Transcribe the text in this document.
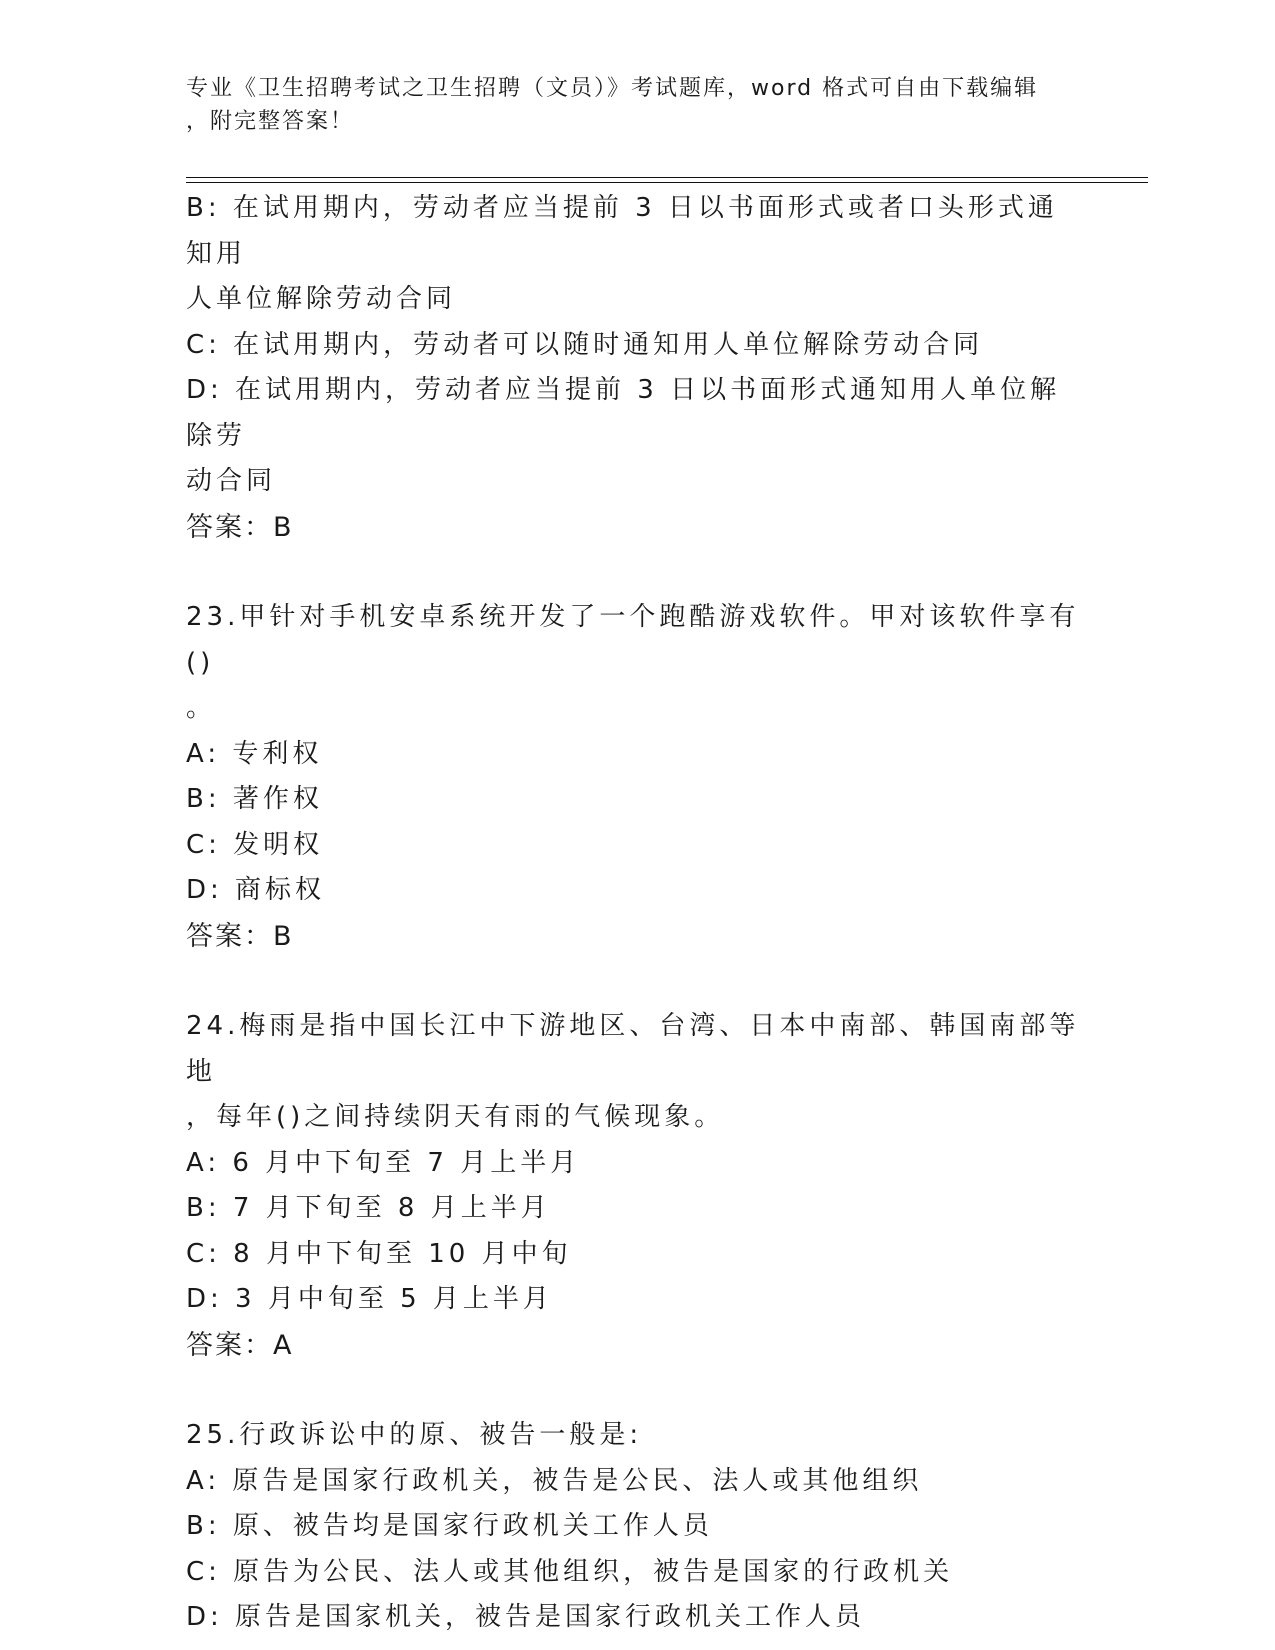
专业《卫生招聘考试之卫生招聘（文员）》考试题库，word 格式可自由下载编辑
，附完整答案！
B: 在试用期内，劳动者应当提前 3 日以书面形式或者口头形式通知用
人单位解除劳动合同
C: 在试用期内，劳动者可以随时通知用人单位解除劳动合同
D: 在试用期内，劳动者应当提前 3 日以书面形式通知用人单位解除劳
动合同
答案：B
23.甲针对手机安卓系统开发了一个跑酷游戏软件。甲对该软件享有()
。
A: 专利权
B: 著作权
C: 发明权
D: 商标权
答案：B
24.梅雨是指中国长江中下游地区、台湾、日本中南部、韩国南部等地
，每年()之间持续阴天有雨的气候现象。
A: 6 月中下旬至 7 月上半月
B: 7 月下旬至 8 月上半月
C: 8 月中下旬至 10 月中旬
D: 3 月中旬至 5 月上半月
答案：A
25.行政诉讼中的原、被告一般是:
A: 原告是国家行政机关，被告是公民、法人或其他组织
B: 原、被告均是国家行政机关工作人员
C: 原告为公民、法人或其他组织，被告是国家的行政机关
D: 原告是国家机关，被告是国家行政机关工作人员
